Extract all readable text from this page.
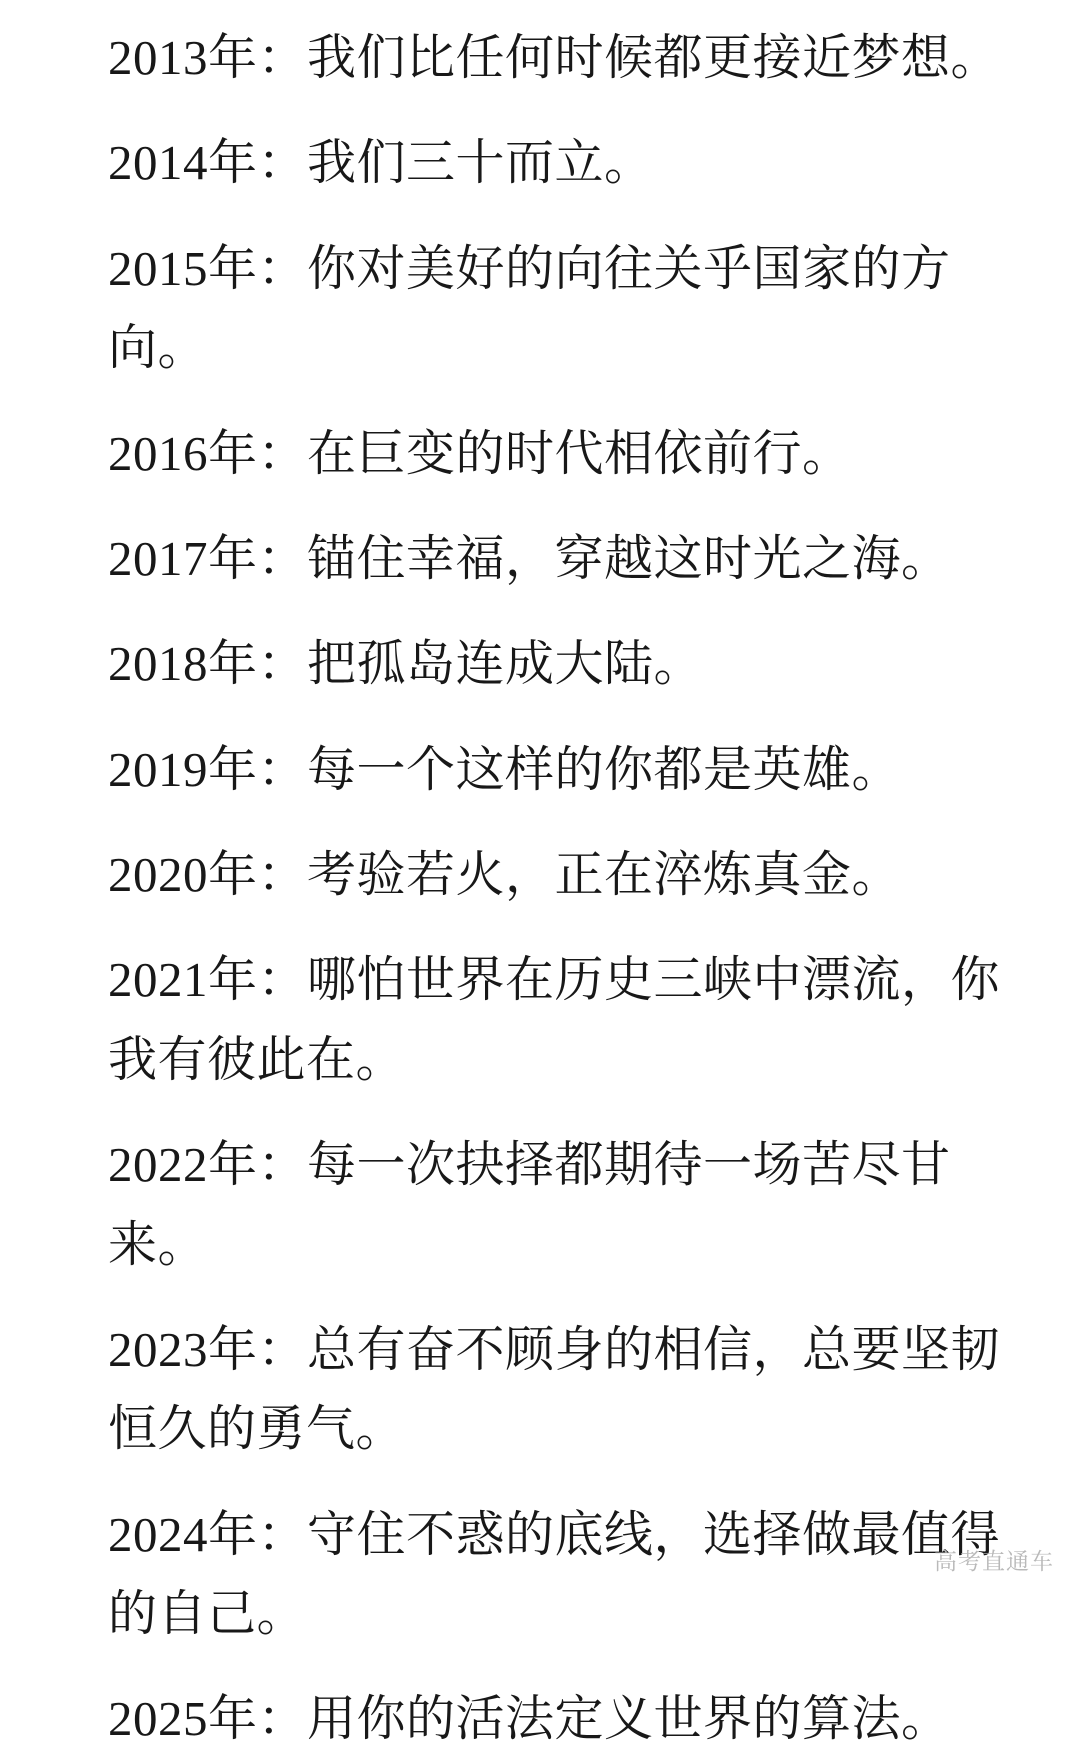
2013年：我们比任何时候都更接近梦想。

2014年：我们三十而立。

2015年：你对美好的向往关乎国家的方向。

2016年：在巨变的时代相依前行。

2017年：锚住幸福，穿越这时光之海。

2018年：把孤岛连成大陆。

2019年：每一个这样的你都是英雄。

2020年：考验若火，正在淬炼真金。

2021年：哪怕世界在历史三峡中漂流，你我有彼此在。

2022年：每一次抉择都期待一场苦尽甘来。

2023年：总有奋不顾身的相信，总要坚韧恒久的勇气。

2024年：守住不惑的底线，选择做最值得的自己。

2025年：用你的活法定义世界的算法。

高考直通车
